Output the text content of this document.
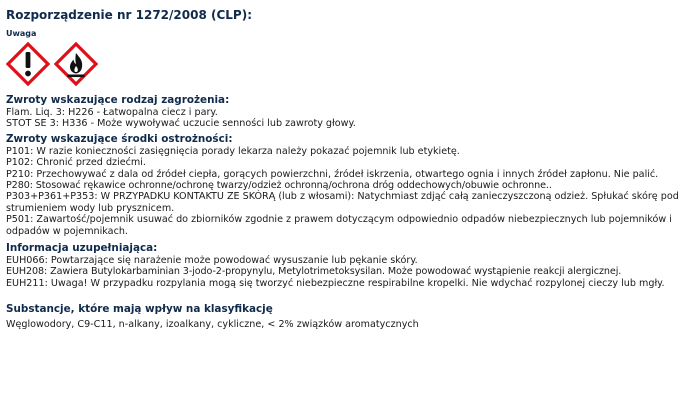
Rozporządzenie nr 1272/2008 (CLP):
Uwaga
Zwroty wskazujące rodzaj zagrożenia:
Flam. Liq. 3: H226 - Łatwopalna ciecz i pary.
STOT SE 3: H336 - Może wywoływać uczucie senności lub zawroty głowy.
Zwroty wskazujące środki ostrożności:
P101: W razie konieczności zasięgnięcia porady lekarza należy pokazać pojemnik lub etykietę.
P102: Chronić przed dziećmi.
P210: Przechowywać z dala od źródeł ciepła, gorących powierzchni, źródeł iskrzenia, otwartego ognia i innych źródeł zapłonu. Nie palić.
P280: Stosować rękawice ochronne/ochronę twarzy/odzież ochronną/ochrona dróg oddechowych/obuwie ochronne..
P303+P361+P353: W PRZYPADKU KONTAKTU ZE SKÓRĄ (lub z włosami): Natychmiast zdjąć całą zanieczyszczoną odzież. Spłukać skórę pod strumieniem wody lub prysznicem.
P501: Zawartość/pojemnik usuwać do zbiorników zgodnie z prawem dotyczącym odpowiednio odpadów niebezpiecznych lub pojemników i odpadów w pojemnikach.
Informacja uzupełniająca:
EUH066: Powtarzające się narażenie może powodować wysuszanie lub pękanie skóry.
EUH208: Zawiera Butylokarbaminian 3-jodo-2-propynylu, Metylotrimetoksysilan. Może powodować wystąpienie reakcji alergicznej.
EUH211: Uwaga! W przypadku rozpylania mogą się tworzyć niebezpieczne respirabilne kropelki. Nie wdychać rozpylonej cieczy lub mgły.
Substancje, które mają wpływ na klasyfikację
Węglowodory, C9-C11, n-alkany, izoalkany, cykliczne, < 2% związków aromatycznych
